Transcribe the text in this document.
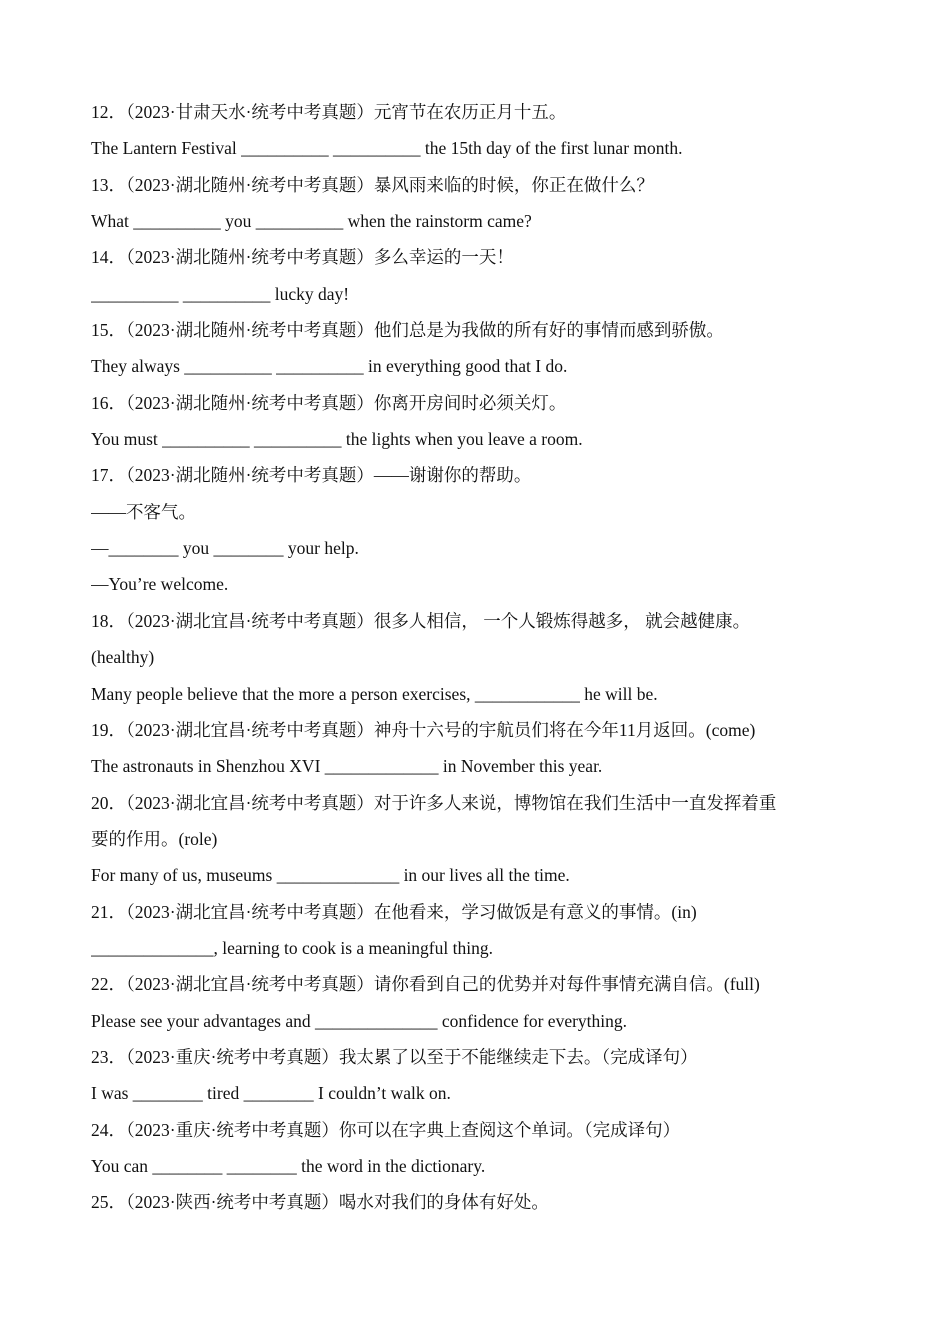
12．（2023·甘肃天水·统考中考真题）元宵节在农历正月十五。
The Lantern Festival __________ __________ the 15th day of the first lunar month.
13．（2023·湖北随州·统考中考真题）暴风雨来临的时候，你正在做什么？
What __________ you __________ when the rainstorm came?
14．（2023·湖北随州·统考中考真题）多么幸运的一天！
__________ __________ lucky day!
15．（2023·湖北随州·统考中考真题）他们总是为我做的所有好的事情而感到骄傲。
They always __________ __________ in everything good that I do.
16．（2023·湖北随州·统考中考真题）你离开房间时必须关灯。
You must __________ __________ the lights when you leave a room.
17．（2023·湖北随州·统考中考真题）——谢谢你的帮助。
——不客气。
—________ you ________ your help.
—You’re welcome.
18．（2023·湖北宜昌·统考中考真题）很多人相信， 一个人锻炼得越多， 就会越健康。
(healthy)
Many people believe that the more a person exercises, ____________ he will be.
19．（2023·湖北宜昌·统考中考真题）神舟十六号的宇航员们将在今年11月返回。(come)
The astronauts in Shenzhou XVI _____________ in November this year.
20．（2023·湖北宜昌·统考中考真题）对于许多人来说，博物馆在我们生活中一直发挥着重
要的作用。(role)
For many of us, museums ______________ in our lives all the time.
21．（2023·湖北宜昌·统考中考真题）在他看来，学习做饭是有意义的事情。(in)
______________, learning to cook is a meaningful thing.
22．（2023·湖北宜昌·统考中考真题）请你看到自己的优势并对每件事情充满自信。(full)
Please see your advantages and ______________ confidence for everything.
23．（2023·重庆·统考中考真题）我太累了以至于不能继续走下去。（完成译句）
I was ________ tired ________ I couldn’t walk on.
24．（2023·重庆·统考中考真题）你可以在字典上查阅这个单词。（完成译句）
You can ________ ________ the word in the dictionary.
25．（2023·陕西·统考中考真题）喝水对我们的身体有好处。
